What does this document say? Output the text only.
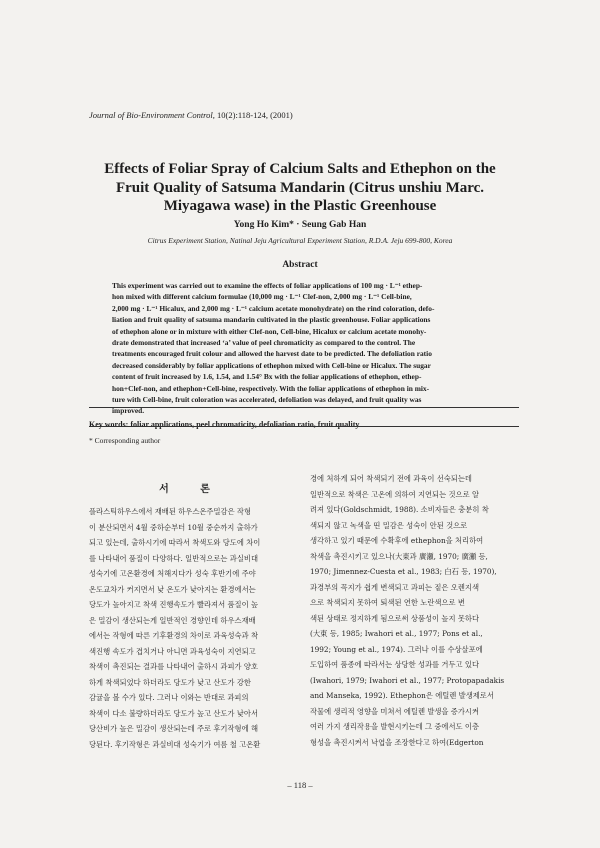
Journal of Bio-Environment Control, 10(2):118-124, (2001)
Effects of Foliar Spray of Calcium Salts and Ethephon on the
Fruit Quality of Satsuma Mandarin (Citrus unshiu Marc.
Miyagawa wase) in the Plastic Greenhouse
Yong Ho Kim* · Seung Gab Han
Citrus Experiment Station, Natinal Jeju Agricultural Experiment Station, R.D.A. Jeju 699-800, Korea
Abstract
This experiment was carried out to examine the effects of foliar applications of 100 mg · L⁻¹ ethep-
hon mixed with different calcium formulae (10,000 mg · L⁻¹ Clef-non, 2,000 mg · L⁻¹ Cell-bine,
2,000 mg · L⁻¹ Hicalux, and 2,000 mg · L⁻¹ calcium acetate monohydrate) on the rind coloration, defo-
liation and fruit quality of satsuma mandarin cultivated in the plastic greenhouse. Foliar applications
of ethephon alone or in mixture with either Clef-non, Cell-bine, Hicalux or calcium acetate monohy-
drate demonstrated that increased ‘a’ value of peel chromaticity as compared to the control. The
treatments encouraged fruit colour and allowed the harvest date to be predicted. The defoliation ratio
decreased considerably by foliar applications of ethephon mixed with Cell-bine or Hicalux. The sugar
content of fruit increased by 1.6, 1.54, and 1.54° Bx with the foliar applications of ethephon, ethep-
hon+Clef-non, and ethephon+Cell-bine, respectively. With the foliar applications of ethephon in mix-
ture with Cell-bine, fruit coloration was accelerated, defoliation was delayed, and fruit quality was
improved.
Key words: foliar applications, peel chromaticity, defoliation ratio, fruit quality
* Corresponding author
서 론
플라스틱하우스에서 재배된 하우스온주밀감은 작형
이 분산되면서 4월 중하순부터 10월 중순까지 출하가
되고 있는데, 출하시기에 따라서 착색도와 당도에 차이
를 나타내어 품질이 다양하다. 일반적으로는 과실비대
성숙기에 고온환경에 처해지다가 성숙 후반기에 주야
온도교차가 커지면서 낮 온도가 낮아지는 환경에서는
당도가 높아지고 착색 진행속도가 빨라져서 품질이 높
은 밀감이 생산되는게 일반적인 경향인데 하우스재배
에서는 작형에 따른 기후환경의 차이로 과육성숙과 착
색진행 속도가 겹치거나 아니면 과육성숙이 지연되고
착색이 촉진되는 결과를 나타내어 출하시 과피가 양호
하게 착색되었다 하더라도 당도가 낮고 산도가 강한
감귤을 볼 수가 있다. 그러나 이와는 반대로 과피의
착색이 다소 불량하더라도 당도가 높고 산도가 낮아서
당산비가 높은 밀감이 생산되는데 주로 후기작형에 해
당된다. 후기작형은 과실비대 성숙기가 여름 철 고온환
경에 처하게 되어 착색되기 전에 과육이 선숙되는데
일반적으로 착색은 고온에 의하여 지연되는 것으로 알
려져 있다(Goldschmidt, 1988). 소비자들은 충분히 착
색되지 않고 녹색을 띤 밀감은 성숙이 안된 것으로
생각하고 있기 때문에 수확후에 ethephon을 처리하여
착색을 촉진시키고 있으나(大東과 廣瀬, 1970; 廣瀬 등,
1970; Jimennez-Cuesta et al., 1983; 白石 등, 1970),
과경부의 꼭지가 쉽게 변색되고 과피는 짙은 오렌지색
으로 착색되지 못하여 퇴색된 연한 노란색으로 변
색된 상태로 정지하게 됨으로써 상품성이 높지 못하다
(大東 등, 1985; Iwahori et al., 1977; Pons et al.,
1992; Young et al., 1974). 그러나 이를 수상살포에
도입하여 품종에 따라서는 상당한 성과를 거두고 있다
(Iwahori, 1979; Iwahori et al., 1977; Protopapadakis
and Manseka, 1992). Ethephon은 에틸렌 발생제로서
작물에 생리적 영향을 미쳐서 에틸렌 발생을 증가시켜
여러 가지 생리작용을 발현시키는데 그 중에서도 이층
형성을 촉진시켜서 낙엽을 조장한다고 하여(Edgerton
– 118 –
